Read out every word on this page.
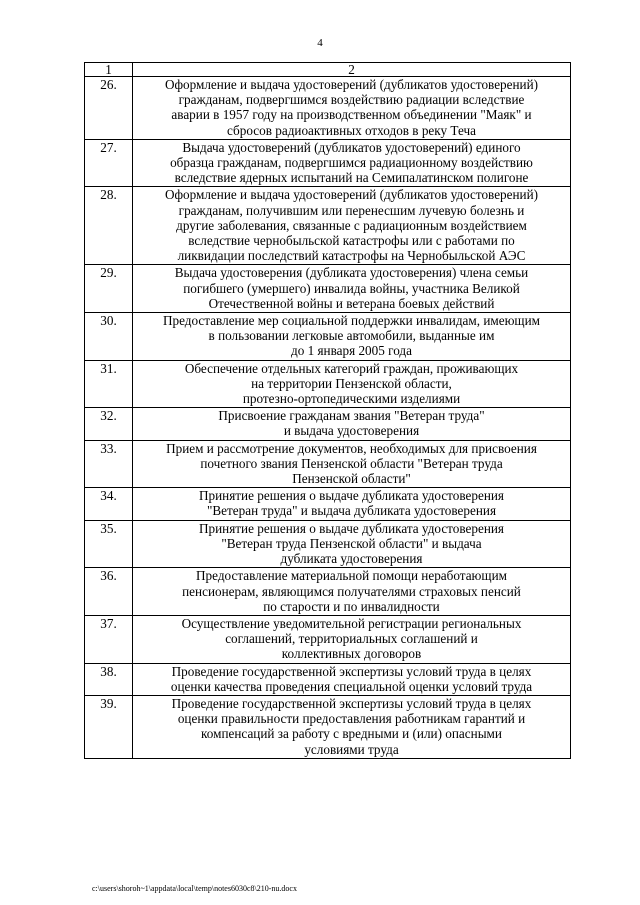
4
1	2
26.	Оформление и выдача удостоверений (дубликатов удостоверений)
гражданам, подвергшимся воздействию радиации вследствие
аварии в 1957 году на производственном объединении "Маяк" и
сбросов радиоактивных отходов в реку Теча

27.	Выдача удостоверений (дубликатов удостоверений) единого
образца гражданам, подвергшимся радиационному воздействию
вследствие ядерных испытаний на Семипалатинском полигоне

28.	Оформление и выдача удостоверений (дубликатов удостоверений)
гражданам, получившим или перенесшим лучевую болезнь и
другие заболевания, связанные с радиационным воздействием
вследствие чернобыльской катастрофы или с работами по
ликвидации последствий катастрофы на Чернобыльской АЭС

29.	Выдача удостоверения (дубликата удостоверения) члена семьи
погибшего (умершего) инвалида войны, участника Великой
Отечественной войны и ветерана боевых действий

30.	Предоставление мер социальной поддержки инвалидам, имеющим
в пользовании легковые автомобили, выданные им
до 1 января 2005 года

31.	Обеспечение отдельных категорий граждан, проживающих
на территории Пензенской области,
протезно-ортопедическими изделиями

32.	Присвоение гражданам звания "Ветеран труда"
и выдача удостоверения

33.	Прием и рассмотрение документов, необходимых для присвоения
почетного звания Пензенской области "Ветеран труда
Пензенской области"

34.	Принятие решения о выдаче дубликата удостоверения
"Ветеран труда" и выдача дубликата удостоверения

35.	Принятие решения о выдаче дубликата удостоверения
"Ветеран труда Пензенской области" и выдача
дубликата удостоверения

36.	Предоставление материальной помощи неработающим
пенсионерам, являющимся получателями страховых пенсий
по старости и по инвалидности

37.	Осуществление уведомительной регистрации региональных
соглашений, территориальных соглашений и
коллективных договоров

38.	Проведение государственной экспертизы условий труда в целях
оценки качества проведения специальной оценки условий труда

39.	Проведение государственной экспертизы условий труда в целях
оценки правильности предоставления работникам гарантий и
компенсаций за работу с вредными и (или) опасными
условиями труда
c:\users\shoroh~1\appdata\local\temp\notes6030c8\210-nu.docx
